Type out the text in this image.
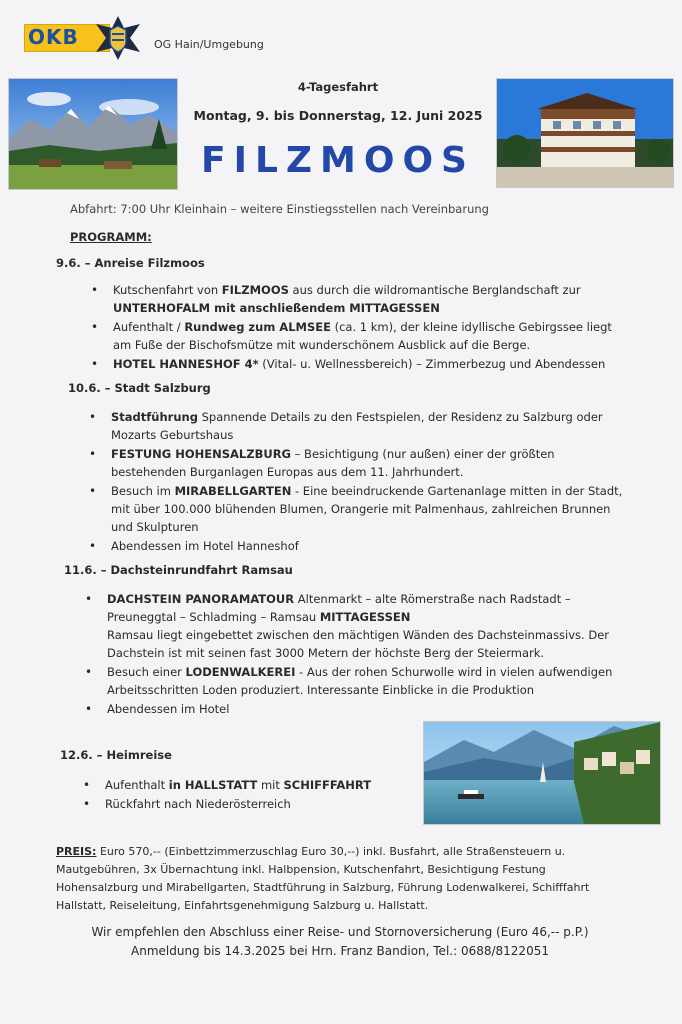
OKB	OG Hain/Umgebung
4-Tagesfahrt
Montag, 9. bis Donnerstag, 12. Juni 2025
FILZMOOS
Abfahrt: 7:00 Uhr Kleinhain – weitere Einstiegsstellen nach Vereinbarung
PROGRAMM:
9.6. – Anreise Filzmoos
• Kutschenfahrt von FILZMOOS aus durch die wildromantische Berglandschaft zur UNTERHOFALM mit anschließendem MITTAGESSEN
• Aufenthalt / Rundweg zum ALMSEE (ca. 1 km), der kleine idyllische Gebirgssee liegt am Fuße der Bischofsmütze mit wunderschönem Ausblick auf die Berge.
• HOTEL HANNESHOF 4* (Vital- u. Wellnessbereich) – Zimmerbezug und Abendessen
10.6. – Stadt Salzburg
• Stadtführung Spannende Details zu den Festspielen, der Residenz zu Salzburg oder Mozarts Geburtshaus
• FESTUNG HOHENSALZBURG – Besichtigung (nur außen) einer der größten bestehenden Burganlagen Europas aus dem 11. Jahrhundert.
• Besuch im MIRABELLGARTEN - Eine beeindruckende Gartenanlage mitten in der Stadt, mit über 100.000 blühenden Blumen, Orangerie mit Palmenhaus, zahlreichen Brunnen und Skulpturen
• Abendessen im Hotel Hanneshof
11.6. – Dachsteinrundfahrt Ramsau
• DACHSTEIN PANORAMATOUR Altenmarkt – alte Römerstraße nach Radstadt – Preuneggtal – Schladming – Ramsau MITTAGESSEN
Ramsau liegt eingebettet zwischen den mächtigen Wänden des Dachsteinmassivs. Der Dachstein ist mit seinen fast 3000 Metern der höchste Berg der Steiermark.
• Besuch einer LODENWALKEREI - Aus der rohen Schurwolle wird in vielen aufwendigen Arbeitsschritten Loden produziert. Interessante Einblicke in die Produktion
• Abendessen im Hotel
12.6. – Heimreise
• Aufenthalt in HALLSTATT mit SCHIFFFAHRT
• Rückfahrt nach Niederösterreich
PREIS: Euro 570,-- (Einbettzimmerzuschlag Euro 30,--) inkl. Busfahrt, alle Straßensteuern u. Mautgebühren, 3x Übernachtung inkl. Halbpension, Kutschenfahrt, Besichtigung Festung Hohensalzburg und Mirabellgarten, Stadtführung in Salzburg, Führung Lodenwalkerei, Schifffahrt Hallstatt, Reiseleitung, Einfahrtsgenehmigung Salzburg u. Hallstatt.
Wir empfehlen den Abschluss einer Reise- und Stornoversicherung (Euro 46,-- p.P.)
Anmeldung bis 14.3.2025 bei Hrn. Franz Bandion, Tel.: 0688/8122051
